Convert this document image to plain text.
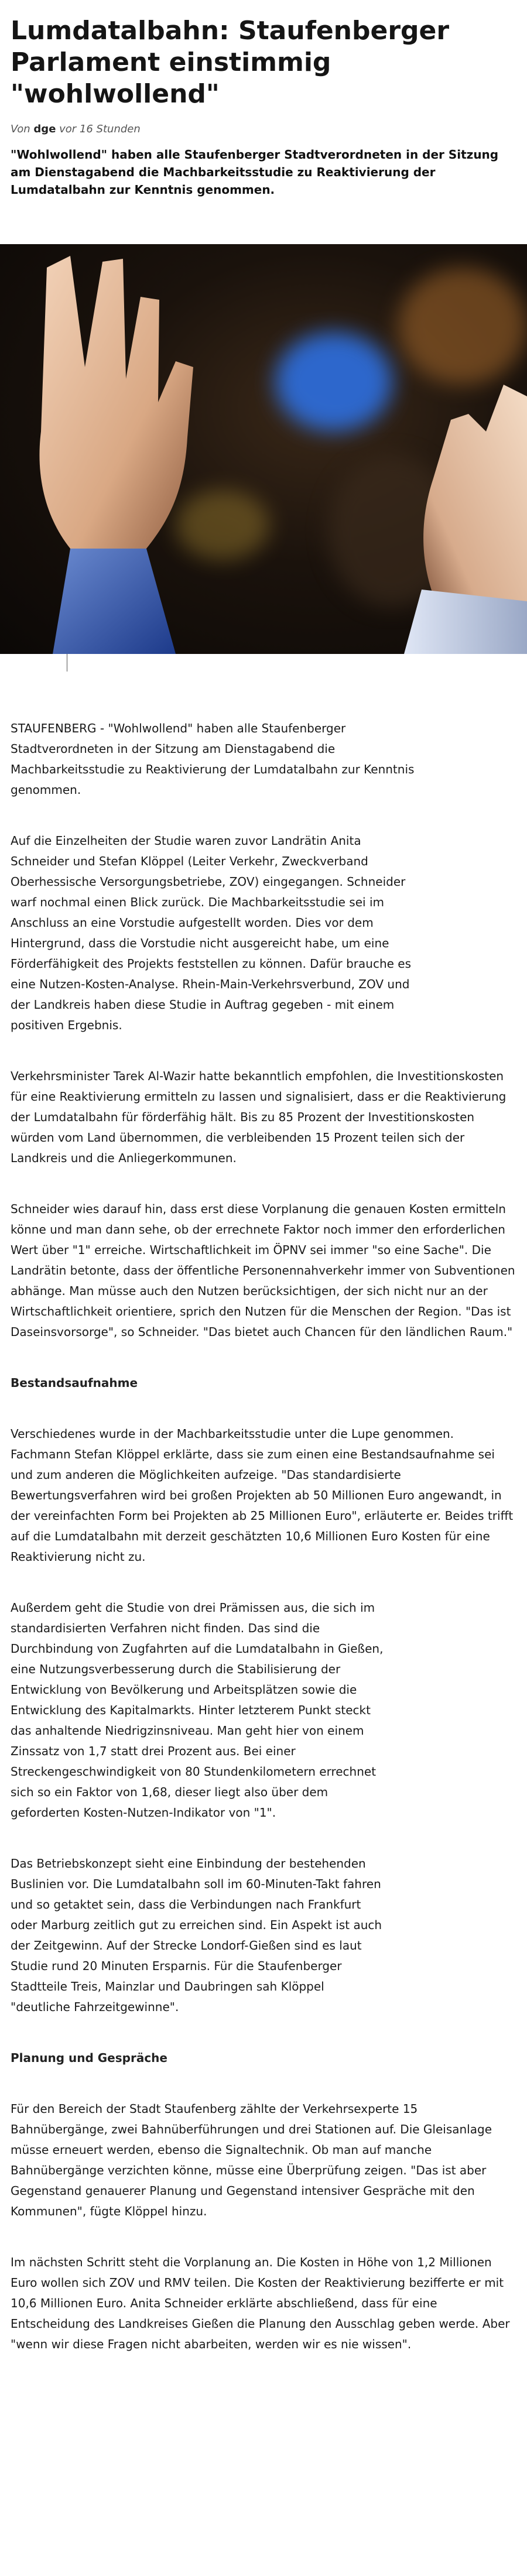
Lumdatalbahn: Staufenberger Parlament einstimmig "wohlwollend"
Von dge vor 16 Stunden

"Wohlwollend" haben alle Staufenberger Stadtverordneten in der Sitzung am Dienstagabend die Machbarkeitsstudie zu Reaktivierung der Lumdatalbahn zur Kenntnis genommen.

STAUFENBERG - "Wohlwollend" haben alle Staufenberger Stadtverordneten in der Sitzung am Dienstagabend die Machbarkeitsstudie zu Reaktivierung der Lumdatalbahn zur Kenntnis genommen.

Auf die Einzelheiten der Studie waren zuvor Landrätin Anita Schneider und Stefan Klöppel (Leiter Verkehr, Zweckverband Oberhessische Versorgungsbetriebe, ZOV) eingegangen. Schneider warf nochmal einen Blick zurück. Die Machbarkeitsstudie sei im Anschluss an eine Vorstudie aufgestellt worden. Dies vor dem Hintergrund, dass die Vorstudie nicht ausgereicht habe, um eine Förderfähigkeit des Projekts feststellen zu können. Dafür brauche es eine Nutzen-Kosten-Analyse. Rhein-Main-Verkehrsverbund, ZOV und der Landkreis haben diese Studie in Auftrag gegeben - mit einem positiven Ergebnis.

Verkehrsminister Tarek Al-Wazir hatte bekanntlich empfohlen, die Investitionskosten für eine Reaktivierung ermitteln zu lassen und signalisiert, dass er die Reaktivierung der Lumdatalbahn für förderfähig hält. Bis zu 85 Prozent der Investitionskosten würden vom Land übernommen, die verbleibenden 15 Prozent teilen sich der Landkreis und die Anliegerkommunen.

Schneider wies darauf hin, dass erst diese Vorplanung die genauen Kosten ermitteln könne und man dann sehe, ob der errechnete Faktor noch immer den erforderlichen Wert über "1" erreiche. Wirtschaftlichkeit im ÖPNV sei immer "so eine Sache". Die Landrätin betonte, dass der öffentliche Personennahverkehr immer von Subventionen abhänge. Man müsse auch den Nutzen berücksichtigen, der sich nicht nur an der Wirtschaftlichkeit orientiere, sprich den Nutzen für die Menschen der Region. "Das ist Daseinsvorsorge", so Schneider. "Das bietet auch Chancen für den ländlichen Raum."

Bestandsaufnahme

Verschiedenes wurde in der Machbarkeitsstudie unter die Lupe genommen. Fachmann Stefan Klöppel erklärte, dass sie zum einen eine Bestandsaufnahme sei und zum anderen die Möglichkeiten aufzeige. "Das standardisierte Bewertungsverfahren wird bei großen Projekten ab 50 Millionen Euro angewandt, in der vereinfachten Form bei Projekten ab 25 Millionen Euro", erläuterte er. Beides trifft auf die Lumdatalbahn mit derzeit geschätzten 10,6 Millionen Euro Kosten für eine Reaktivierung nicht zu.

Außerdem geht die Studie von drei Prämissen aus, die sich im standardisierten Verfahren nicht finden. Das sind die Durchbindung von Zugfahrten auf die Lumdatalbahn in Gießen, eine Nutzungsverbesserung durch die Stabilisierung der Entwicklung von Bevölkerung und Arbeitsplätzen sowie die Entwicklung des Kapitalmarkts. Hinter letzterem Punkt steckt das anhaltende Niedrigzinsniveau. Man geht hier von einem Zinssatz von 1,7 statt drei Prozent aus. Bei einer Streckengeschwindigkeit von 80 Stundenkilometern errechnet sich so ein Faktor von 1,68, dieser liegt also über dem geforderten Kosten-Nutzen-Indikator von "1".

Das Betriebskonzept sieht eine Einbindung der bestehenden Buslinien vor. Die Lumdatalbahn soll im 60-Minuten-Takt fahren und so getaktet sein, dass die Verbindungen nach Frankfurt oder Marburg zeitlich gut zu erreichen sind. Ein Aspekt ist auch der Zeitgewinn. Auf der Strecke Londorf-Gießen sind es laut Studie rund 20 Minuten Ersparnis. Für die Staufenberger Stadtteile Treis, Mainzlar und Daubringen sah Klöppel "deutliche Fahrzeitgewinne".

Planung und Gespräche

Für den Bereich der Stadt Staufenberg zählte der Verkehrsexperte 15 Bahnübergänge, zwei Bahnüberführungen und drei Stationen auf. Die Gleisanlage müsse erneuert werden, ebenso die Signaltechnik. Ob man auf manche Bahnübergänge verzichten könne, müsse eine Überprüfung zeigen. "Das ist aber Gegenstand genauerer Planung und Gegenstand intensiver Gespräche mit den Kommunen", fügte Klöppel hinzu.

Im nächsten Schritt steht die Vorplanung an. Die Kosten in Höhe von 1,2 Millionen Euro wollen sich ZOV und RMV teilen. Die Kosten der Reaktivierung bezifferte er mit 10,6 Millionen Euro. Anita Schneider erklärte abschließend, dass für eine Entscheidung des Landkreises Gießen die Planung den Ausschlag geben werde. Aber "wenn wir diese Fragen nicht abarbeiten, werden wir es nie wissen".
